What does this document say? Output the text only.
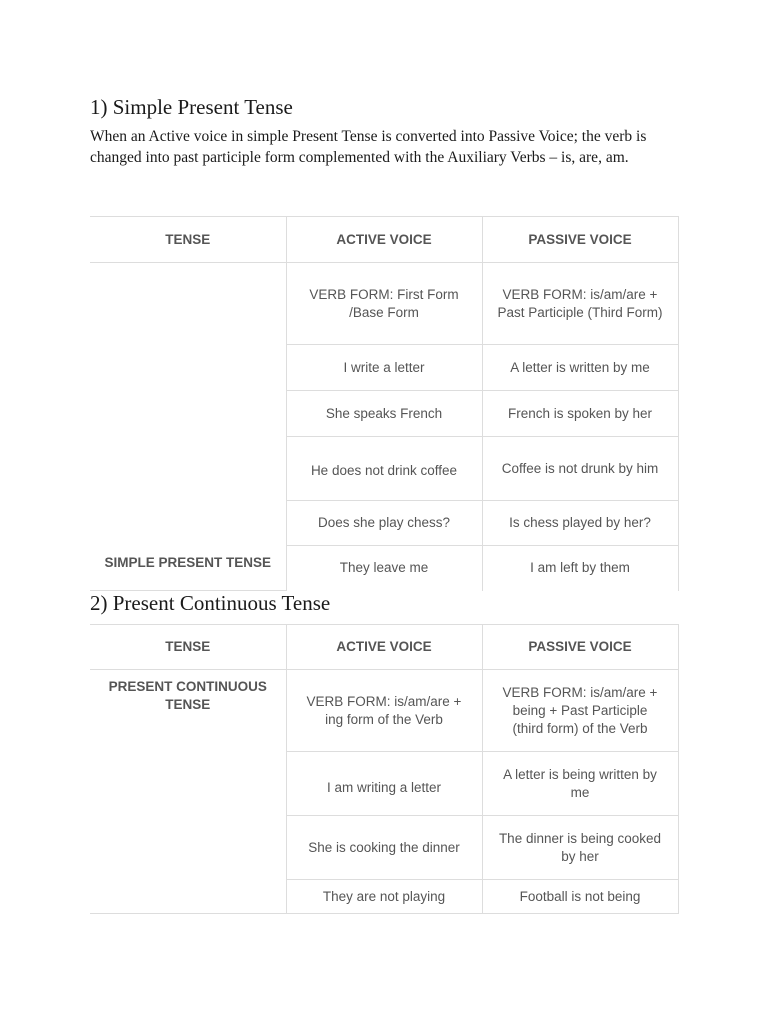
1) Simple Present Tense

When an Active voice in simple Present Tense is converted into Passive Voice; the verb is changed into past participle form complemented with the Auxiliary Verbs – is, are, am.

TENSE	ACTIVE VOICE	PASSIVE VOICE
SIMPLE PRESENT TENSE	VERB FORM: First Form /Base Form	VERB FORM: is/am/are + Past Participle (Third Form)
	I write a letter	A letter is written by me
	She speaks French	French is spoken by her
	He does not drink coffee	Coffee is not drunk by him
	Does she play chess?	Is chess played by her?
	They leave me	I am left by them
2) Present Continuous Tense
TENSE	ACTIVE VOICE	PASSIVE VOICE
PRESENT CONTINUOUS TENSE	VERB FORM: is/am/are + ing form of the Verb	VERB FORM: is/am/are + being + Past Participle (third form) of the Verb
	I am writing a letter	A letter is being written by me
	She is cooking the dinner	The dinner is being cooked by her
	They are not playing	Football is not being
